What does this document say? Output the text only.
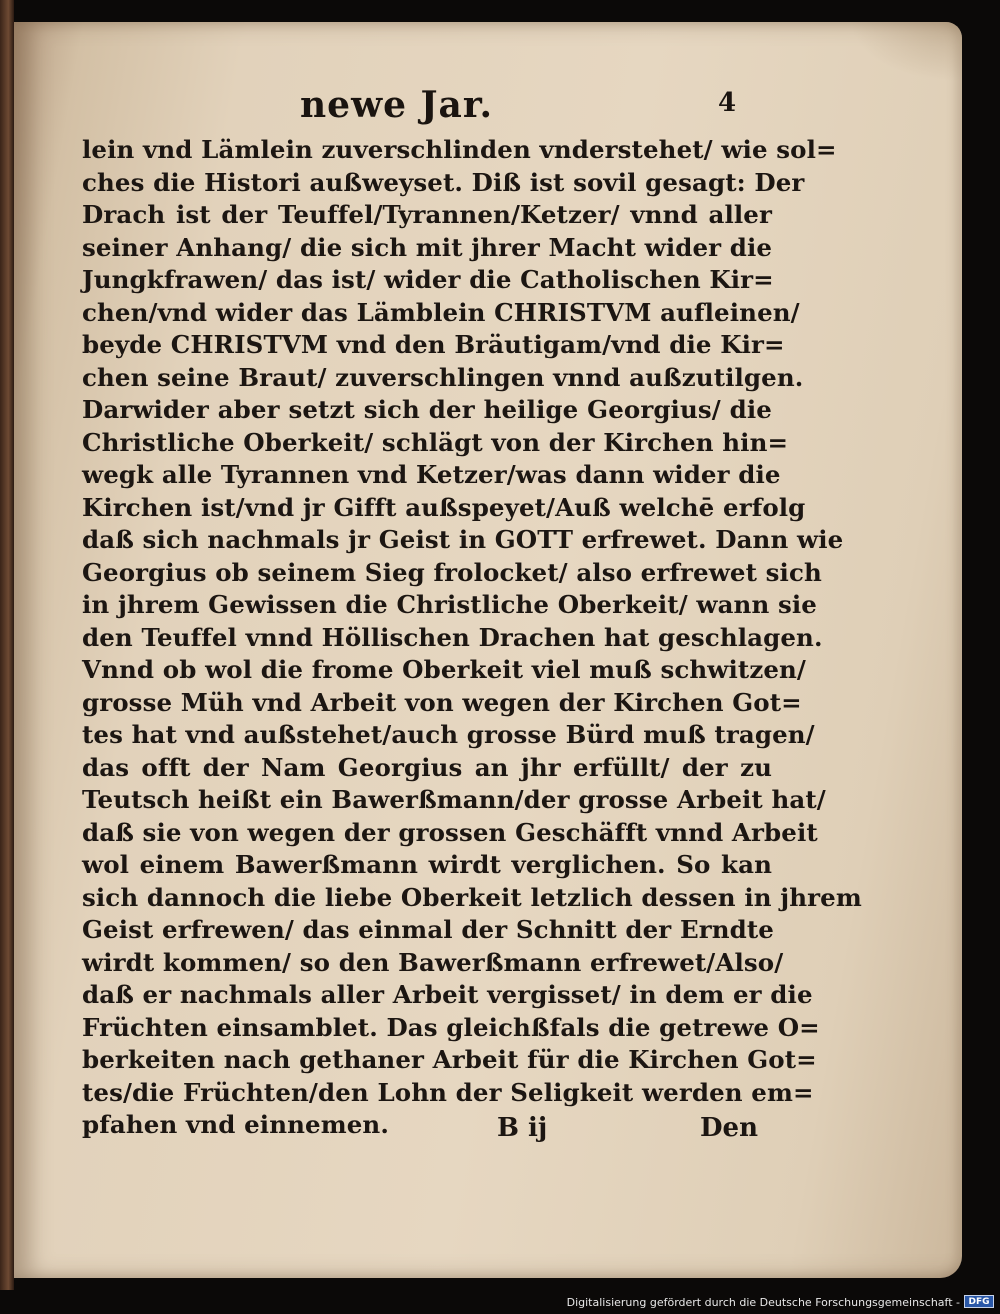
newe Jar.	4
lein vnd Lämlein zuverschlinden vnderstehet/ wie sol=
ches die Histori außweyset. Diß ist sovil gesagt: Der
Drach ist der Teuffel/Tyrannen/Ketzer/ vnnd aller
seiner Anhang/ die sich mit jhrer Macht wider die
Jungkfrawen/ das ist/ wider die Catholischen Kir=
chen/vnd wider das Lämblein CHRISTVM aufleinen/
beyde CHRISTVM vnd den Bräutigam/vnd die Kir=
chen seine Braut/ zuverschlingen vnnd außzutilgen.
Darwider aber setzt sich der heilige Georgius/ die
Christliche Oberkeit/ schlägt von der Kirchen hin=
wegk alle Tyrannen vnd Ketzer/was dann wider die
Kirchen ist/vnd jr Gifft außspeyet/Auß welchē erfolg
daß sich nachmals jr Geist in GOTT erfrewet. Dann wie
Georgius ob seinem Sieg frolocket/ also erfrewet sich
in jhrem Gewissen die Christliche Oberkeit/ wann sie
den Teuffel vnnd Höllischen Drachen hat geschlagen.
Vnnd ob wol die frome Oberkeit viel muß schwitzen/
grosse Müh vnd Arbeit von wegen der Kirchen Got=
tes hat vnd außstehet/auch grosse Bürd muß tragen/
das offt der Nam Georgius an jhr erfüllt/ der zu
Teutsch heißt ein Bawerßmann/der grosse Arbeit hat/
daß sie von wegen der grossen Geschäfft vnnd Arbeit
wol einem Bawerßmann wirdt verglichen. So kan
sich dannoch die liebe Oberkeit letzlich dessen in jhrem
Geist erfrewen/ das einmal der Schnitt der Erndte
wirdt kommen/ so den Bawerßmann erfrewet/Also/
daß er nachmals aller Arbeit vergisset/ in dem er die
Früchten einsamblet. Das gleichßfals die getrewe O=
berkeiten nach gethaner Arbeit für die Kirchen Got=
tes/die Früchten/den Lohn der Seligkeit werden em=
pfahen vnd einnemen.	B ij	Den
Digitalisierung gefördert durch die Deutsche Forschungsgemeinschaft - DFG
